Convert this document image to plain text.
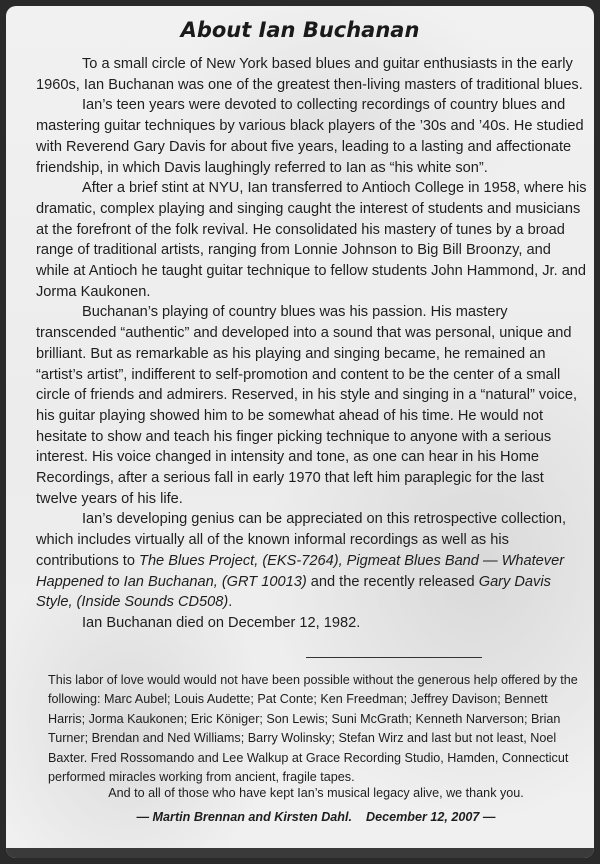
About Ian Buchanan

To a small circle of New York based blues and guitar enthusiasts in the early 1960s, Ian Buchanan was one of the greatest then-living masters of traditional blues.

Ian’s teen years were devoted to collecting recordings of country blues and mastering guitar techniques by various black players of the ’30s and ’40s. He studied with Reverend Gary Davis for about five years, leading to a lasting and affectionate friendship, in which Davis laughingly referred to Ian as “his white son”.

After a brief stint at NYU, Ian transferred to Antioch College in 1958, where his dramatic, complex playing and singing caught the interest of students and musicians at the forefront of the folk revival. He consolidated his mastery of tunes by a broad range of traditional artists, ranging from Lonnie Johnson to Big Bill Broonzy, and while at Antioch he taught guitar technique to fellow students John Hammond, Jr. and Jorma Kaukonen.

Buchanan’s playing of country blues was his passion. His mastery transcended “authentic” and developed into a sound that was personal, unique and brilliant. But as remarkable as his playing and singing became, he remained an “artist’s artist”, indifferent to self-promotion and content to be the center of a small circle of friends and admirers. Reserved, in his style and singing in a “natural” voice, his guitar playing showed him to be somewhat ahead of his time. He would not hesitate to show and teach his finger picking technique to anyone with a serious interest. His voice changed in intensity and tone, as one can hear in his Home Recordings, after a serious fall in early 1970 that left him paraplegic for the last twelve years of his life.

Ian’s developing genius can be appreciated on this retrospective collection, which includes virtually all of the known informal recordings as well as his contributions to The Blues Project, (EKS-7264), Pigmeat Blues Band — Whatever Happened to Ian Buchanan, (GRT 10013) and the recently released Gary Davis Style, (Inside Sounds CD508).

Ian Buchanan died on December 12, 1982.

This labor of love would would not have been possible without the generous help offered by the following: Marc Aubel; Louis Audette; Pat Conte; Ken Freedman; Jeffrey Davison; Bennett Harris; Jorma Kaukonen; Eric Königer; Son Lewis; Suni McGrath; Kenneth Narverson; Brian Turner; Brendan and Ned Williams; Barry Wolinsky; Stefan Wirz and last but not least, Noel Baxter. Fred Rossomando and Lee Walkup at Grace Recording Studio, Hamden, Connecticut performed miracles working from ancient, fragile tapes.

And to all of those who have kept Ian’s musical legacy alive, we thank you.
— Martin Brennan and Kirsten Dahl.    December 12, 2007 —
